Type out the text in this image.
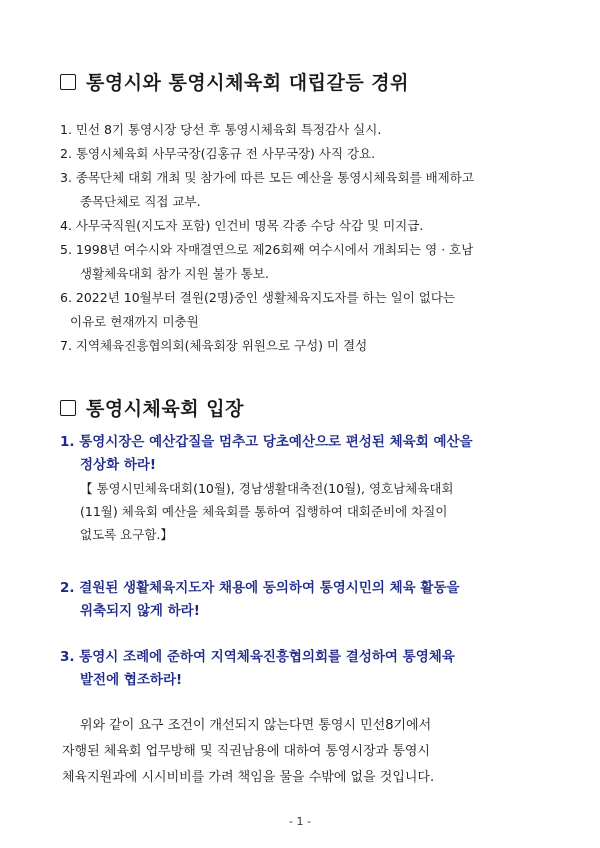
통영시와 통영시체육회 대립갈등 경위
1. 민선 8기 통영시장 당선 후 통영시체육회 특정감사 실시.
2. 통영시체육회 사무국장(김홍규 전 사무국장) 사직 강요.
3. 종목단체 대회 개최 및 참가에 따른 모든 예산을 통영시체육회를 배제하고
종목단체로 직접 교부.
4. 사무국직원(지도자 포함) 인건비 명목 각종 수당 삭감 및 미지급.
5. 1998년 여수시와 자매결연으로 제26회째 여수시에서 개최되는 영 · 호남
생활체육대회 참가 지원 불가 통보.
6. 2022년 10월부터 결원(2명)중인 생활체육지도자를 하는 일이 없다는
이유로 현재까지 미충원
7. 지역체육진흥협의회(체육회장 위원으로 구성) 미 결성
통영시체육회 입장
1. 통영시장은 예산갑질을 멈추고 당초예산으로 편성된 체육회 예산을
정상화 하라!
【 통영시민체육대회(10월), 경남생활대축전(10월), 영호남체육대회
(11월) 체육회 예산을 체육회를 통하여 집행하여 대회준비에 차질이
없도록 요구함.】
2. 결원된 생활체육지도자 채용에 동의하여 통영시민의 체육 활동을
위축되지 않게 하라!
3. 통영시 조례에 준하여 지역체육진흥협의회를 결성하여 통영체육
발전에 협조하라!
위와 같이 요구 조건이 개선되지 않는다면 통영시 민선8기에서
자행된 체육회 업무방해 및 직권남용에 대하여 통영시장과 통영시
체육지원과에 시시비비를 가려 책임을 물을 수밖에 없을 것입니다.
- 1 -
